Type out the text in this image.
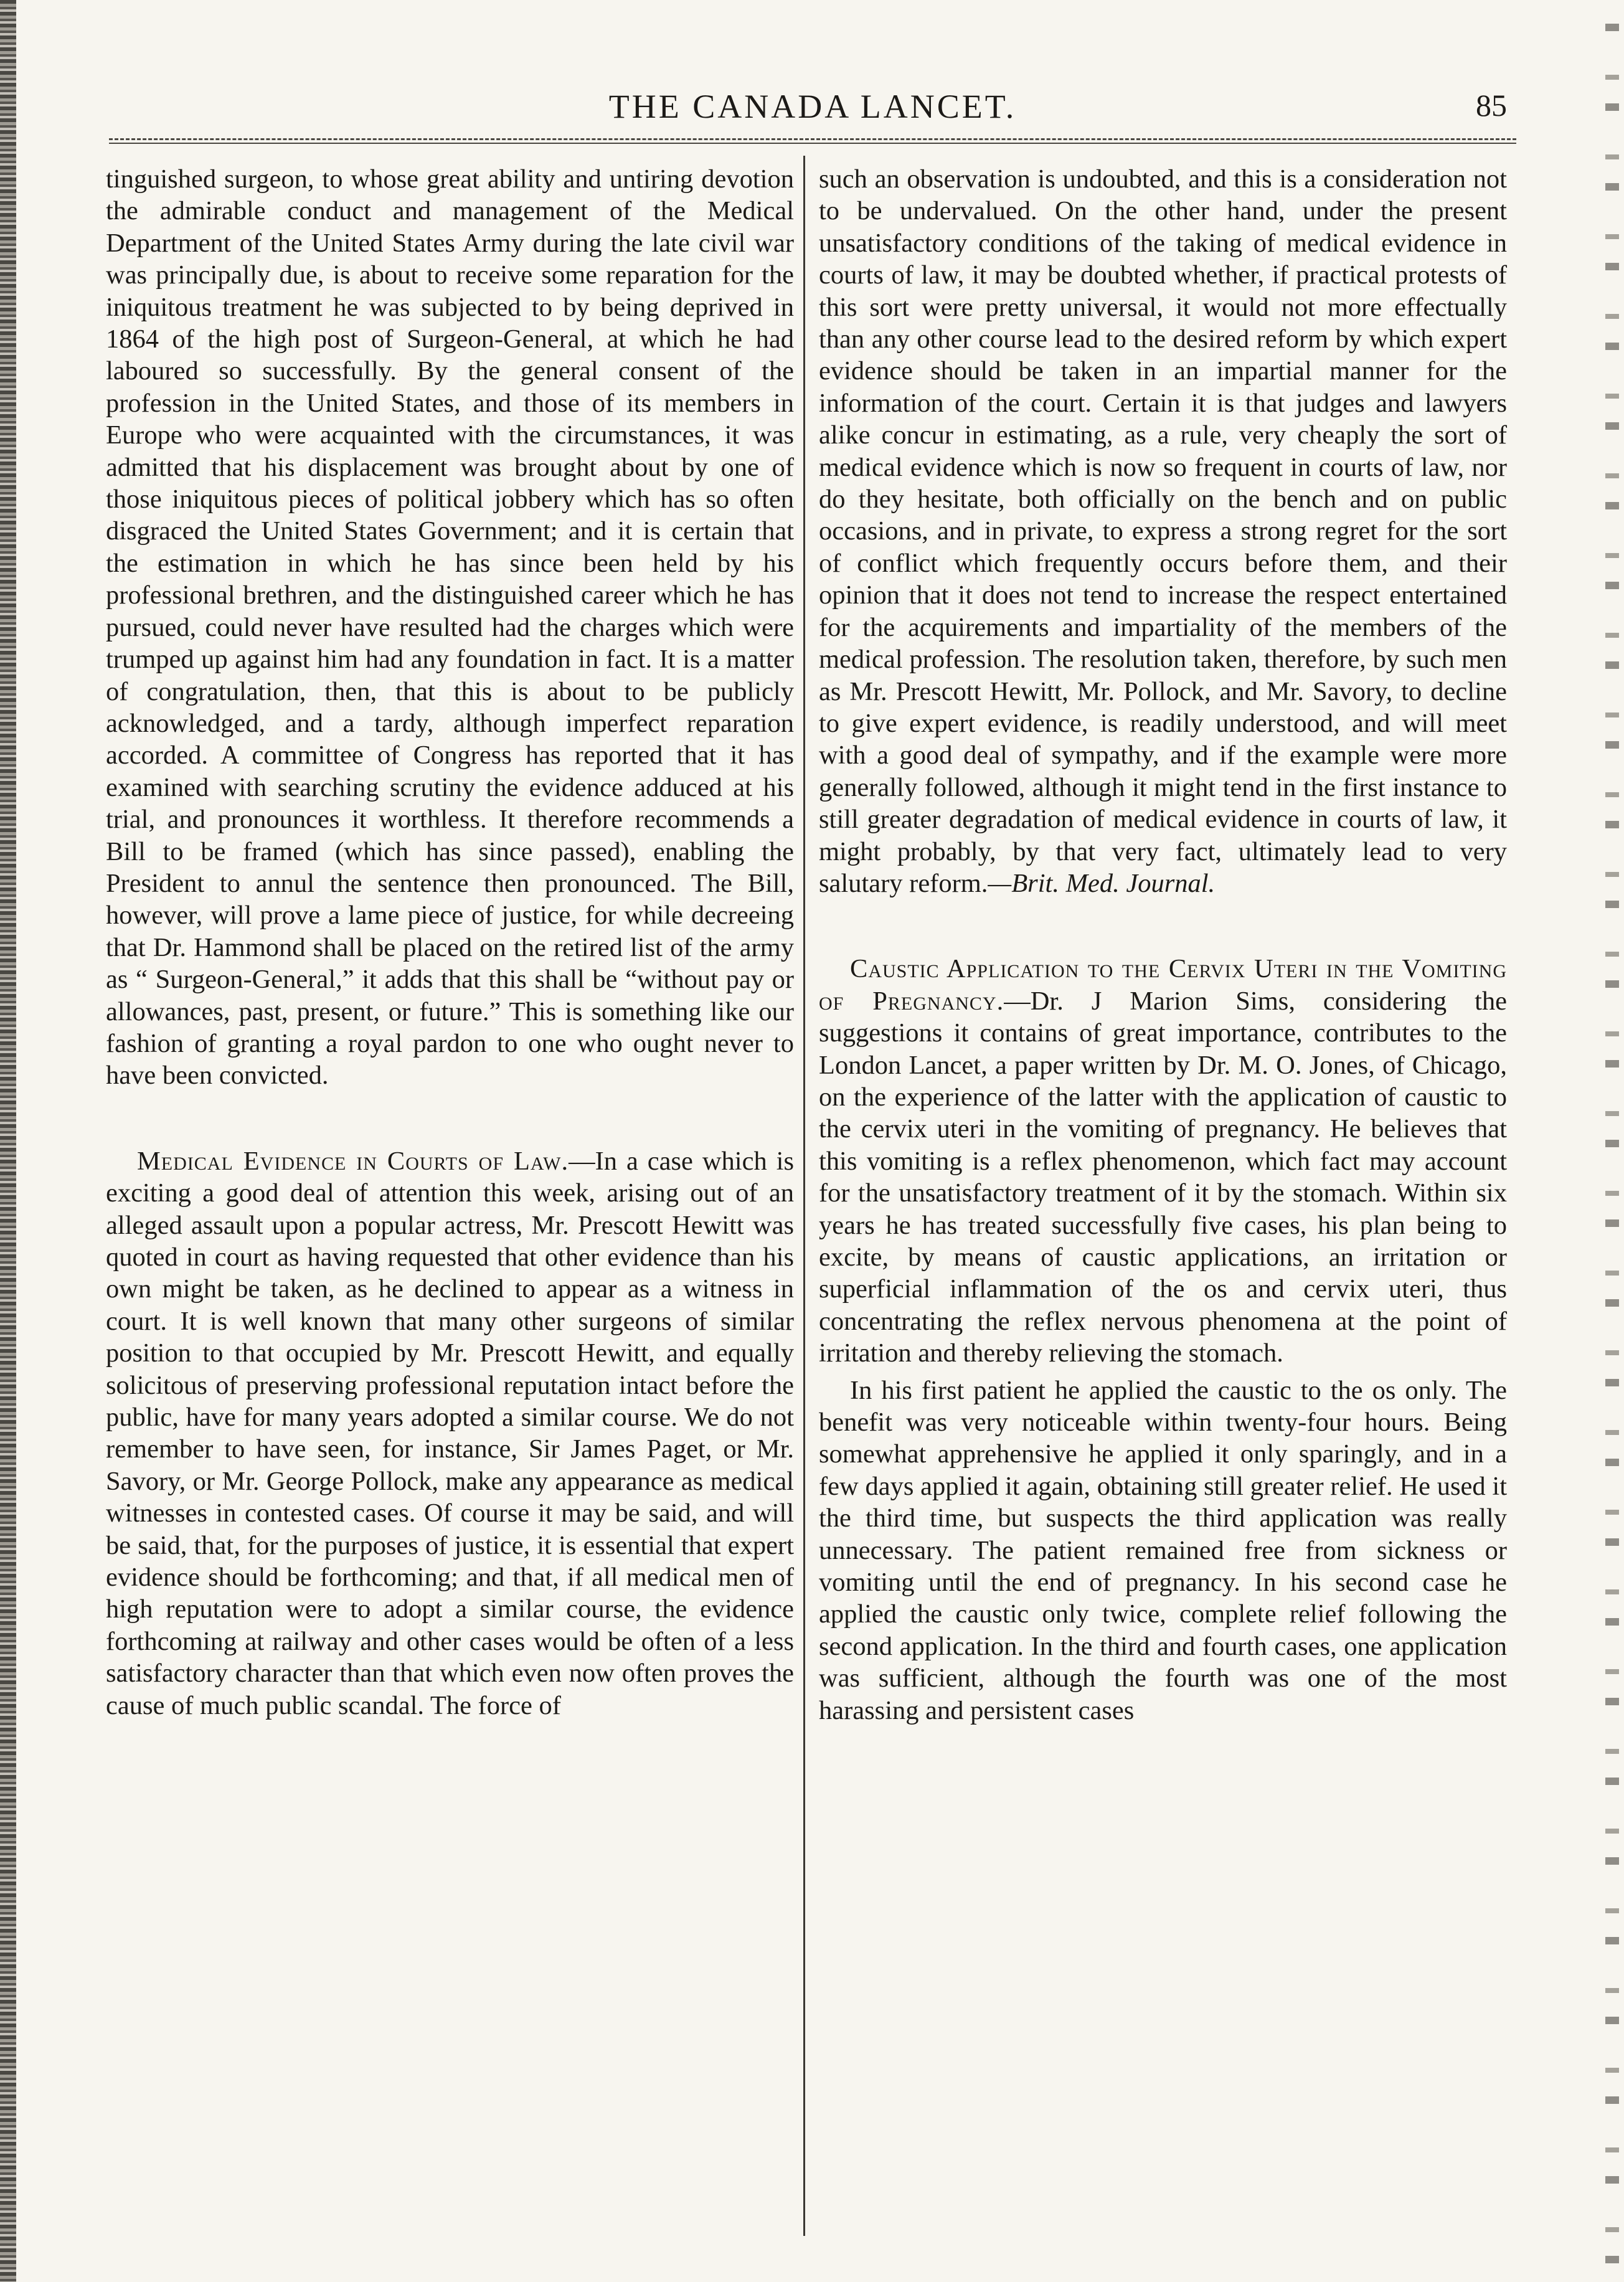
THE CANADA LANCET.	85

tinguished surgeon, to whose great ability and untiring devotion the admirable conduct and management of the Medical Department of the United States Army during the late civil war was principally due, is about to receive some reparation for the iniquitous treatment he was subjected to by being deprived in 1864 of the high post of Surgeon-General, at which he had laboured so successfully. By the general consent of the profession in the United States, and those of its members in Europe who were acquainted with the circumstances, it was admitted that his displacement was brought about by one of those iniquitous pieces of political jobbery which has so often disgraced the United States Government; and it is certain that the estimation in which he has since been held by his professional brethren, and the distinguished career which he has pursued, could never have resulted had the charges which were trumped up against him had any foundation in fact. It is a matter of congratulation, then, that this is about to be publicly acknowledged, and a tardy, although imperfect reparation accorded. A committee of Congress has reported that it has examined with searching scrutiny the evidence adduced at his trial, and pronounces it worthless. It therefore recommends a Bill to be framed (which has since passed), enabling the President to annul the sentence then pronounced. The Bill, however, will prove a lame piece of justice, for while decreeing that Dr. Hammond shall be placed on the retired list of the army as “ Surgeon-General,” it adds that this shall be “without pay or allowances, past, present, or future.” This is something like our fashion of granting a royal pardon to one who ought never to have been convicted.

Medical Evidence in Courts of Law.—In a case which is exciting a good deal of attention this week, arising out of an alleged assault upon a popular actress, Mr. Prescott Hewitt was quoted in court as having requested that other evidence than his own might be taken, as he declined to appear as a witness in court. It is well known that many other surgeons of similar position to that occupied by Mr. Prescott Hewitt, and equally solicitous of preserving professional reputation intact before the public, have for many years adopted a similar course. We do not remember to have seen, for instance, Sir James Paget, or Mr. Savory, or Mr. George Pollock, make any appearance as medical witnesses in contested cases. Of course it may be said, and will be said, that, for the purposes of justice, it is essential that expert evidence should be forthcoming; and that, if all medical men of high reputation were to adopt a similar course, the evidence forthcoming at railway and other cases would be often of a less satisfactory character than that which even now often proves the cause of much public scandal. The force of

such an observation is undoubted, and this is a consideration not to be undervalued. On the other hand, under the present unsatisfactory conditions of the taking of medical evidence in courts of law, it may be doubted whether, if practical protests of this sort were pretty universal, it would not more effectually than any other course lead to the desired reform by which expert evidence should be taken in an impartial manner for the information of the court. Certain it is that judges and lawyers alike concur in estimating, as a rule, very cheaply the sort of medical evidence which is now so frequent in courts of law, nor do they hesitate, both officially on the bench and on public occasions, and in private, to express a strong regret for the sort of conflict which frequently occurs before them, and their opinion that it does not tend to increase the respect entertained for the acquirements and impartiality of the members of the medical profession. The resolution taken, therefore, by such men as Mr. Prescott Hewitt, Mr. Pollock, and Mr. Savory, to decline to give expert evidence, is readily understood, and will meet with a good deal of sympathy, and if the example were more generally followed, although it might tend in the first instance to still greater degradation of medical evidence in courts of law, it might probably, by that very fact, ultimately lead to very salutary reform.—Brit. Med. Journal.

Caustic Application to the Cervix Uteri in the Vomiting of Pregnancy.—Dr. J Marion Sims, considering the suggestions it contains of great importance, contributes to the London Lancet, a paper written by Dr. M. O. Jones, of Chicago, on the experience of the latter with the application of caustic to the cervix uteri in the vomiting of pregnancy. He believes that this vomiting is a reflex phenomenon, which fact may account for the unsatisfactory treatment of it by the stomach. Within six years he has treated successfully five cases, his plan being to excite, by means of caustic applications, an irritation or superficial inflammation of the os and cervix uteri, thus concentrating the reflex nervous phenomena at the point of irritation and thereby relieving the stomach.

In his first patient he applied the caustic to the os only. The benefit was very noticeable within twenty-four hours. Being somewhat apprehensive he applied it only sparingly, and in a few days applied it again, obtaining still greater relief. He used it the third time, but suspects the third application was really unnecessary. The patient remained free from sickness or vomiting until the end of pregnancy. In his second case he applied the caustic only twice, complete relief following the second application. In the third and fourth cases, one application was sufficient, although the fourth was one of the most harassing and persistent cases
